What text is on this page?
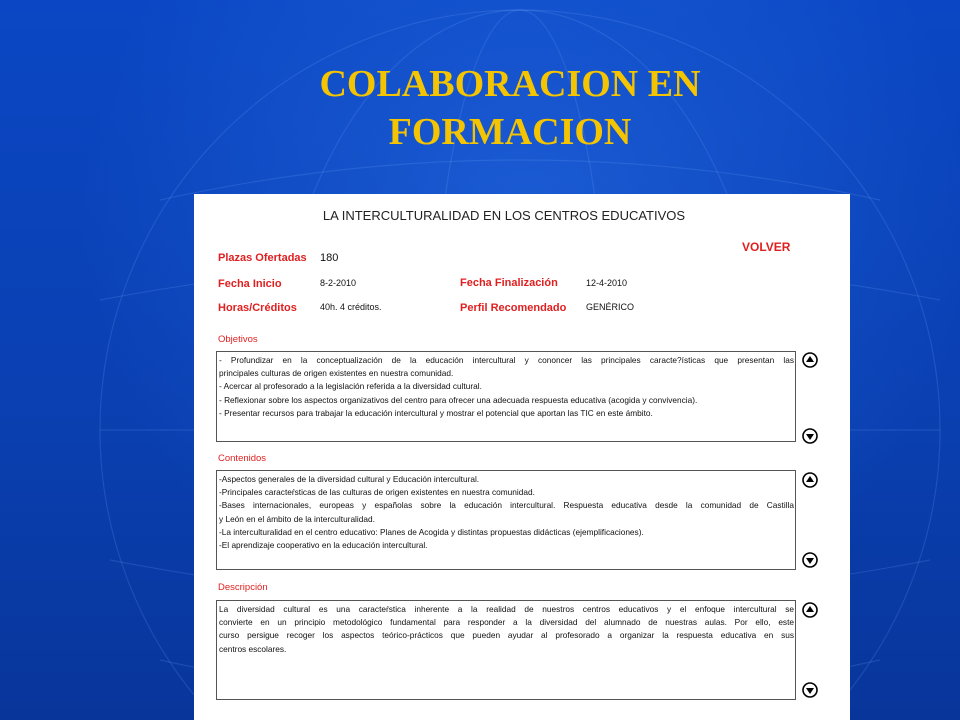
COLABORACION EN
FORMACION
LA INTERCULTURALIDAD EN LOS CENTROS EDUCATIVOS
VOLVER
Plazas Ofertadas 180
Fecha Inicio	8-2-2010	Fecha Finalización	12-4-2010
Horas/Créditos	40h. 4 créditos.	Perfil Recomendado GENÉRICO
Objetivos
- Profundizar en la conceptualización de la educación intercultural y cononcer las principales caracte?ísticas que presentan las
principales culturas de origen existentes en nuestra comunidad.
- Acercar al profesorado a la legislación referida a la diversidad cultural.
- Reflexionar sobre los aspectos organizativos del centro para ofrecer una adecuada respuesta educativa (acogida y convivencia).
- Presentar recursos para trabajar la educación intercultural y mostrar el potencial que aportan las TIC en este ámbito.
Contenidos
-Aspectos generales de la diversidad cultural y Educación intercultural.
-Principales caracteŕsticas de las culturas de origen existentes en nuestra comunidad.
-Bases internacionales, europeas y españolas sobre la educación intercultural. Respuesta educativa desde la comunidad de Castilla
y León en el ámbito de la interculturalidad.
-La interculturalidad en el centro educativo: Planes de Acogida y distintas propuestas didácticas (ejemplificaciones).
-El aprendizaje cooperativo en la educación intercultural.
Descripción
La diversidad cultural es una caracteŕstica inherente a la realidad de nuestros centros educativos y el enfoque intercultural se
convierte en un principio metodológico fundamental para responder a la diversidad del alumnado de nuestras aulas. Por ello, este
curso persigue recoger los aspectos teórico-prácticos que pueden ayudar al profesorado a organizar la respuesta educativa en sus
centros escolares.
